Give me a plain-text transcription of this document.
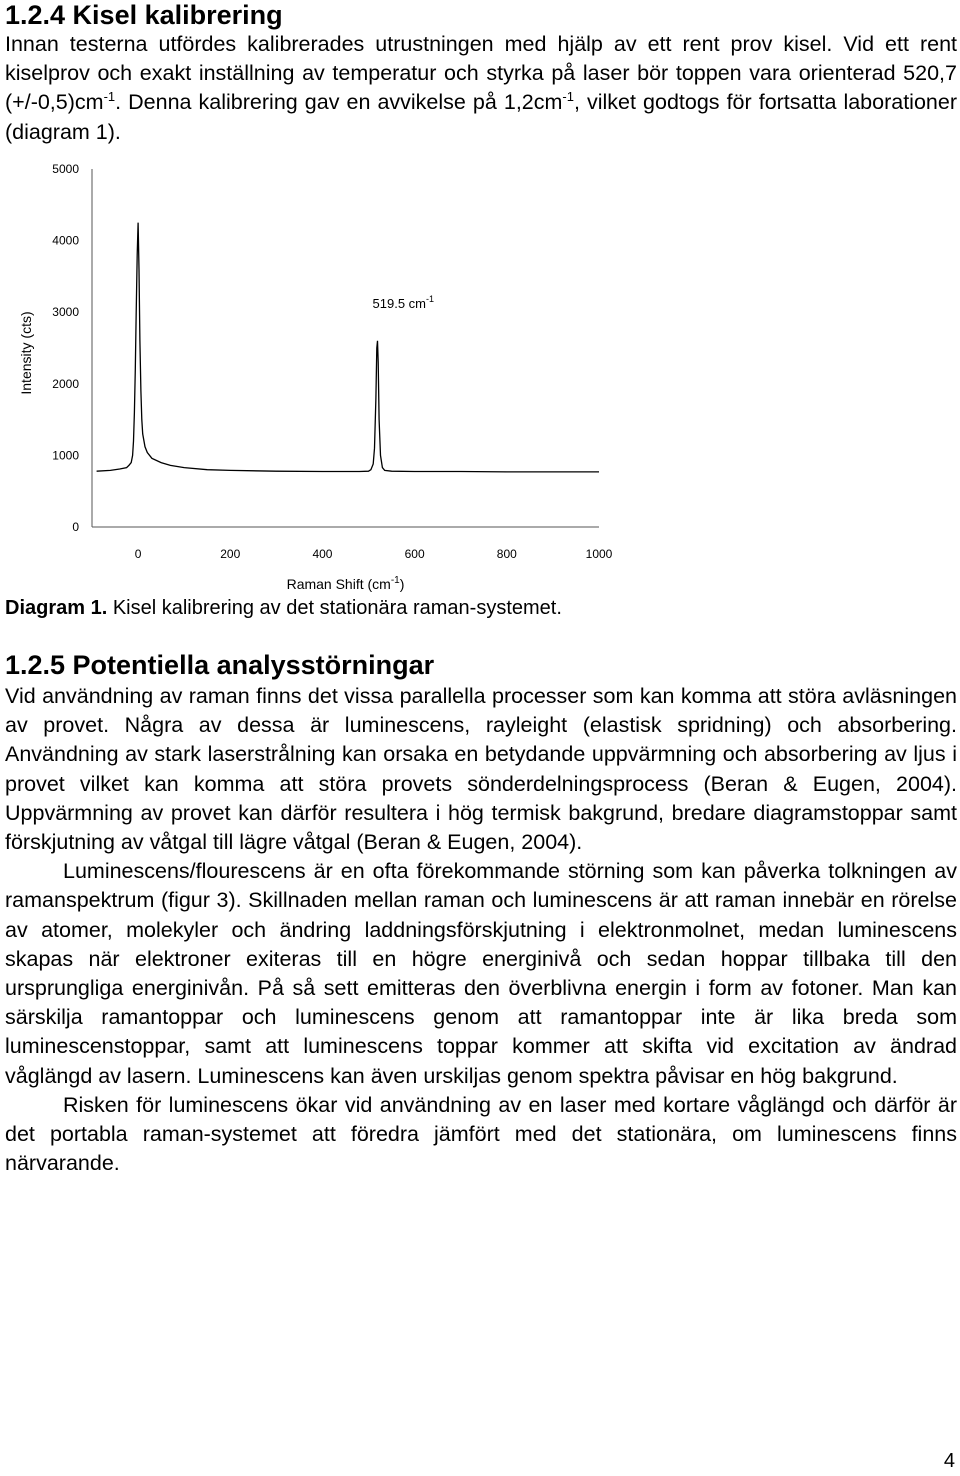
1.2.4 Kisel kalibrering

Innan testerna utfördes kalibrerades utrustningen med hjälp av ett rent prov kisel. Vid ett rent kiselprov och exakt inställning av temperatur och styrka på laser bör toppen vara orienterad 520,7 $(+/-0,5)cm^{-1}$. Denna kalibrering gav en avvikelse på $1,2cm^{-1}$, vilket godtogs för fortsatta laborationer (diagram 1).

0
1000
2000
3000
4000
5000
0	200	400	600	800	1000
519.5 $cm^{-1}$
Intensity (cts)
Raman Shift $(cm^{-1})$

Diagram 1. Kisel kalibrering av det stationära raman-systemet.

1.2.5 Potentiella analysstörningar

Vid användning av raman finns det vissa parallella processer som kan komma att störa avläsningen av provet. Några av dessa är luminescens, rayleight (elastisk spridning) och absorbering. Användning av stark laserstrålning kan orsaka en betydande uppvärmning och absorbering av ljus i provet vilket kan komma att störa provets sönderdelningsprocess (Beran & Eugen, 2004). Uppvärmning av provet kan därför resultera i hög termisk bakgrund, bredare diagramstoppar samt förskjutning av våtgal till lägre våtgal (Beran & Eugen, 2004).

Luminescens/flourescens är en ofta förekommande störning som kan påverka tolkningen av ramanspektrum (figur 3). Skillnaden mellan raman och luminescens är att raman innebär en rörelse av atomer, molekyler och ändring laddningsförskjutning i elektronmolnet, medan luminescens skapas när elektroner exiteras till en högre energinivå och sedan hoppar tillbaka till den ursprungliga energinivån. På så sett emitteras den överblivna energin i form av fotoner. Man kan särskilja ramantoppar och luminescens genom att ramantoppar inte är lika breda som luminescenstoppar, samt att luminescens toppar kommer att skifta vid excitation av ändrad våglängd av lasern. Luminescens kan även urskiljas genom spektra påvisar en hög bakgrund.

Risken för luminescens ökar vid användning av en laser med kortare våglängd och därför är det portabla raman-systemet att föredra jämfört med det stationära, om luminescens finns närvarande.

4
